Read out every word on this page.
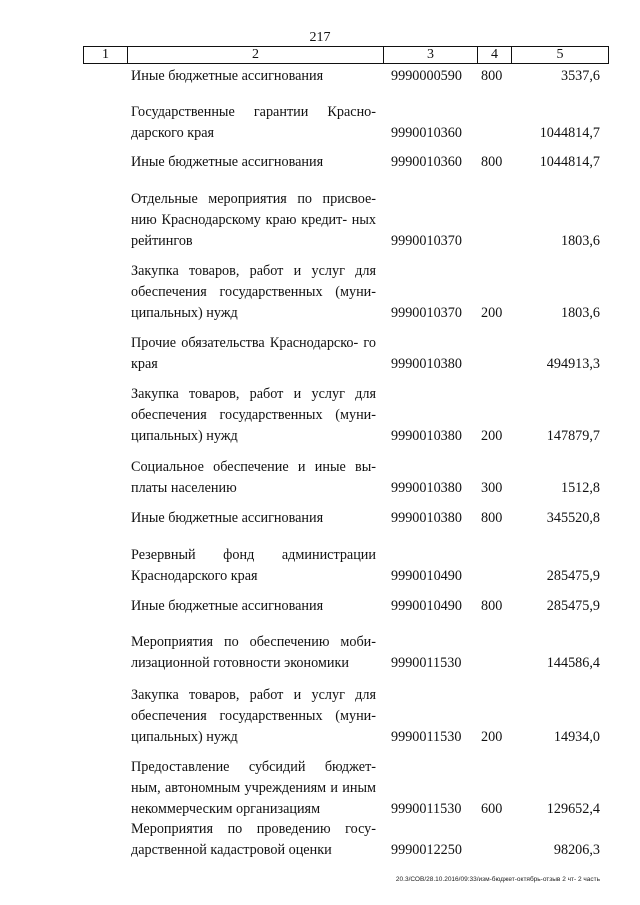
217
1	2	3	4	5
Иные бюджетные ассигнования	9990000590 800	3537,6
Государственные гарантии Красно- дарского края	9990010360	1044814,7
Иные бюджетные ассигнования	9990010360 800	1044814,7
Отдельные мероприятия по присвое- нию Краснодарскому краю кредит- ных рейтингов	9990010370	1803,6
Закупка товаров, работ и услуг для обеспечения государственных (муни- ципальных) нужд	9990010370 200	1803,6
Прочие обязательства Краснодарско- го края	9990010380	494913,3
Закупка товаров, работ и услуг для обеспечения государственных (муни- ципальных) нужд	9990010380 200	147879,7
Социальное обеспечение и иные вы- платы населению	9990010380 300	1512,8
Иные бюджетные ассигнования	9990010380 800	345520,8
Резервный фонд администрации Краснодарского края	9990010490	285475,9
Иные бюджетные ассигнования	9990010490 800	285475,9
Мероприятия по обеспечению моби- лизационной готовности экономики	9990011530	144586,4
Закупка товаров, работ и услуг для обеспечения государственных (муни- ципальных) нужд	9990011530 200	14934,0
Предоставление субсидий бюджет- ным, автономным учреждениям и иным некоммерческим организациям	9990011530 600	129652,4
Мероприятия по проведению госу- дарственной кадастровой оценки	9990012250	98206,3
20.3/СОВ/28.10.2016/09:33/изм-бюджет-октябрь-отзыв 2 чт- 2 часть
